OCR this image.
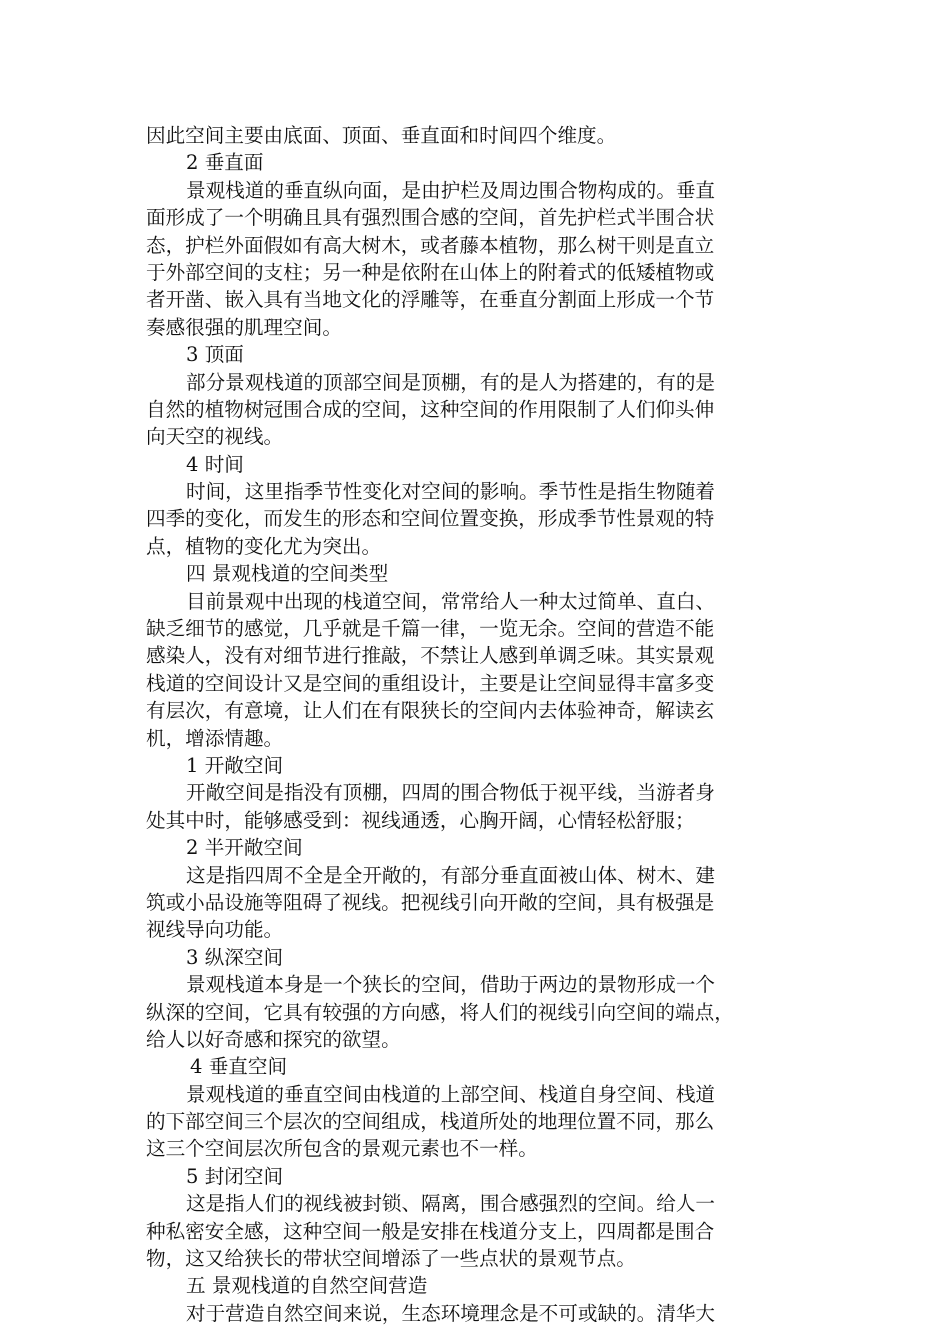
因此空间主要由底面、顶面、垂直面和时间四个维度。
2 垂直面
景观栈道的垂直纵向面，是由护栏及周边围合物构成的。垂直
面形成了一个明确且具有强烈围合感的空间，首先护栏式半围合状
态，护栏外面假如有高大树木，或者藤本植物，那么树干则是直立
于外部空间的支柱；另一种是依附在山体上的附着式的低矮植物或
者开凿、嵌入具有当地文化的浮雕等，在垂直分割面上形成一个节
奏感很强的肌理空间。
3 顶面
部分景观栈道的顶部空间是顶棚，有的是人为搭建的，有的是
自然的植物树冠围合成的空间，这种空间的作用限制了人们仰头伸
向天空的视线。
4 时间
时间，这里指季节性变化对空间的影响。季节性是指生物随着
四季的变化，而发生的形态和空间位置变换，形成季节性景观的特
点，植物的变化尤为突出。
四 景观栈道的空间类型
目前景观中出现的栈道空间，常常给人一种太过简单、直白、
缺乏细节的感觉，几乎就是千篇一律，一览无余。空间的营造不能
感染人，没有对细节进行推敲，不禁让人感到单调乏味。其实景观
栈道的空间设计又是空间的重组设计，主要是让空间显得丰富多变
有层次，有意境，让人们在有限狭长的空间内去体验神奇，解读玄
机，增添情趣。
1 开敞空间
开敞空间是指没有顶棚，四周的围合物低于视平线，当游者身
处其中时，能够感受到：视线通透，心胸开阔，心情轻松舒服；
2 半开敞空间
这是指四周不全是全开敞的，有部分垂直面被山体、树木、建
筑或小品设施等阻碍了视线。把视线引向开敞的空间，具有极强是
视线导向功能。
3 纵深空间
景观栈道本身是一个狭长的空间，借助于两边的景物形成一个
纵深的空间，它具有较强的方向感，将人们的视线引向空间的端点，
给人以好奇感和探究的欲望。
4 垂直空间
景观栈道的垂直空间由栈道的上部空间、栈道自身空间、栈道
的下部空间三个层次的空间组成，栈道所处的地理位置不同，那么
这三个空间层次所包含的景观元素也不一样。
5 封闭空间
这是指人们的视线被封锁、隔离，围合感强烈的空间。给人一
种私密安全感，这种空间一般是安排在栈道分支上，四周都是围合
物，这又给狭长的带状空间增添了一些点状的景观节点。
五 景观栈道的自然空间营造
对于营造自然空间来说，生态环境理念是不可或缺的。清华大
